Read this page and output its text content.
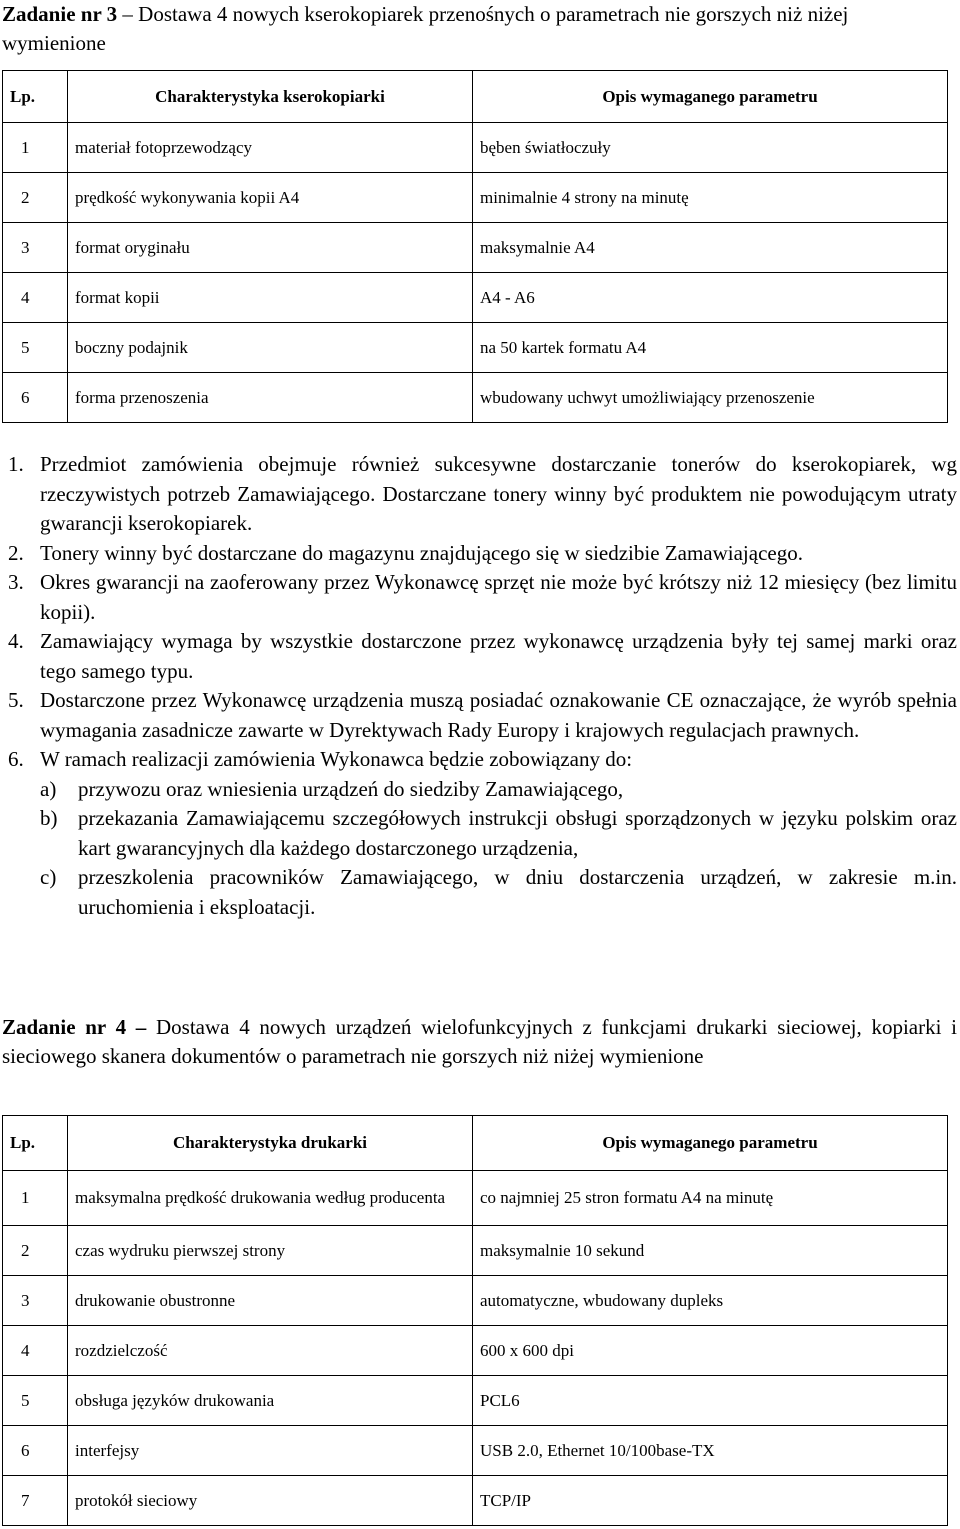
Zadanie nr 3 – Dostawa 4 nowych kserokopiarek przenośnych o parametrach nie gorszych niż niżej wymienione
Lp.	Charakterystyka kserokopiarki	Opis wymaganego parametru
1	materiał fotoprzewodzący	bęben światłoczuły
2	prędkość wykonywania kopii A4	minimalnie 4 strony na minutę
3	format oryginału	maksymalnie A4
4	format kopii	A4 - A6
5	boczny podajnik	na 50 kartek formatu A4
6	forma przenoszenia	wbudowany uchwyt umożliwiający przenoszenie
1. Przedmiot zamówienia obejmuje również sukcesywne dostarczanie tonerów do kserokopiarek, wg rzeczywistych potrzeb Zamawiającego. Dostarczane tonery winny być produktem nie powodującym utraty gwarancji kserokopiarek.
2. Tonery winny być dostarczane do magazynu znajdującego się w siedzibie Zamawiającego.
3. Okres gwarancji na zaoferowany przez Wykonawcę sprzęt nie może być krótszy niż 12 miesięcy (bez limitu kopii).
4. Zamawiający wymaga by wszystkie dostarczone przez wykonawcę urządzenia były tej samej marki oraz tego samego typu.
5. Dostarczone przez Wykonawcę urządzenia muszą posiadać oznakowanie CE oznaczające, że wyrób spełnia wymagania zasadnicze zawarte w Dyrektywach Rady Europy i krajowych regulacjach prawnych.
6. W ramach realizacji zamówienia Wykonawca będzie zobowiązany do:
a) przywozu oraz wniesienia urządzeń do siedziby Zamawiającego,
b) przekazania Zamawiającemu szczegółowych instrukcji obsługi sporządzonych w języku polskim oraz kart gwarancyjnych dla każdego dostarczonego urządzenia,
c) przeszkolenia pracowników Zamawiającego, w dniu dostarczenia urządzeń, w zakresie m.in. uruchomienia i eksploatacji.
Zadanie nr 4 – Dostawa 4 nowych urządzeń wielofunkcyjnych z funkcjami drukarki sieciowej, kopiarki i sieciowego skanera dokumentów o parametrach nie gorszych niż niżej wymienione
Lp.	Charakterystyka drukarki	Opis wymaganego parametru
1	maksymalna prędkość drukowania według producenta	co najmniej 25 stron formatu A4 na minutę
2	czas wydruku pierwszej strony	maksymalnie 10 sekund
3	drukowanie obustronne	automatyczne, wbudowany dupleks
4	rozdzielczość	600 x 600 dpi
5	obsługa języków drukowania	PCL6
6	interfejsy	USB 2.0, Ethernet 10/100base-TX
7	protokół sieciowy	TCP/IP
